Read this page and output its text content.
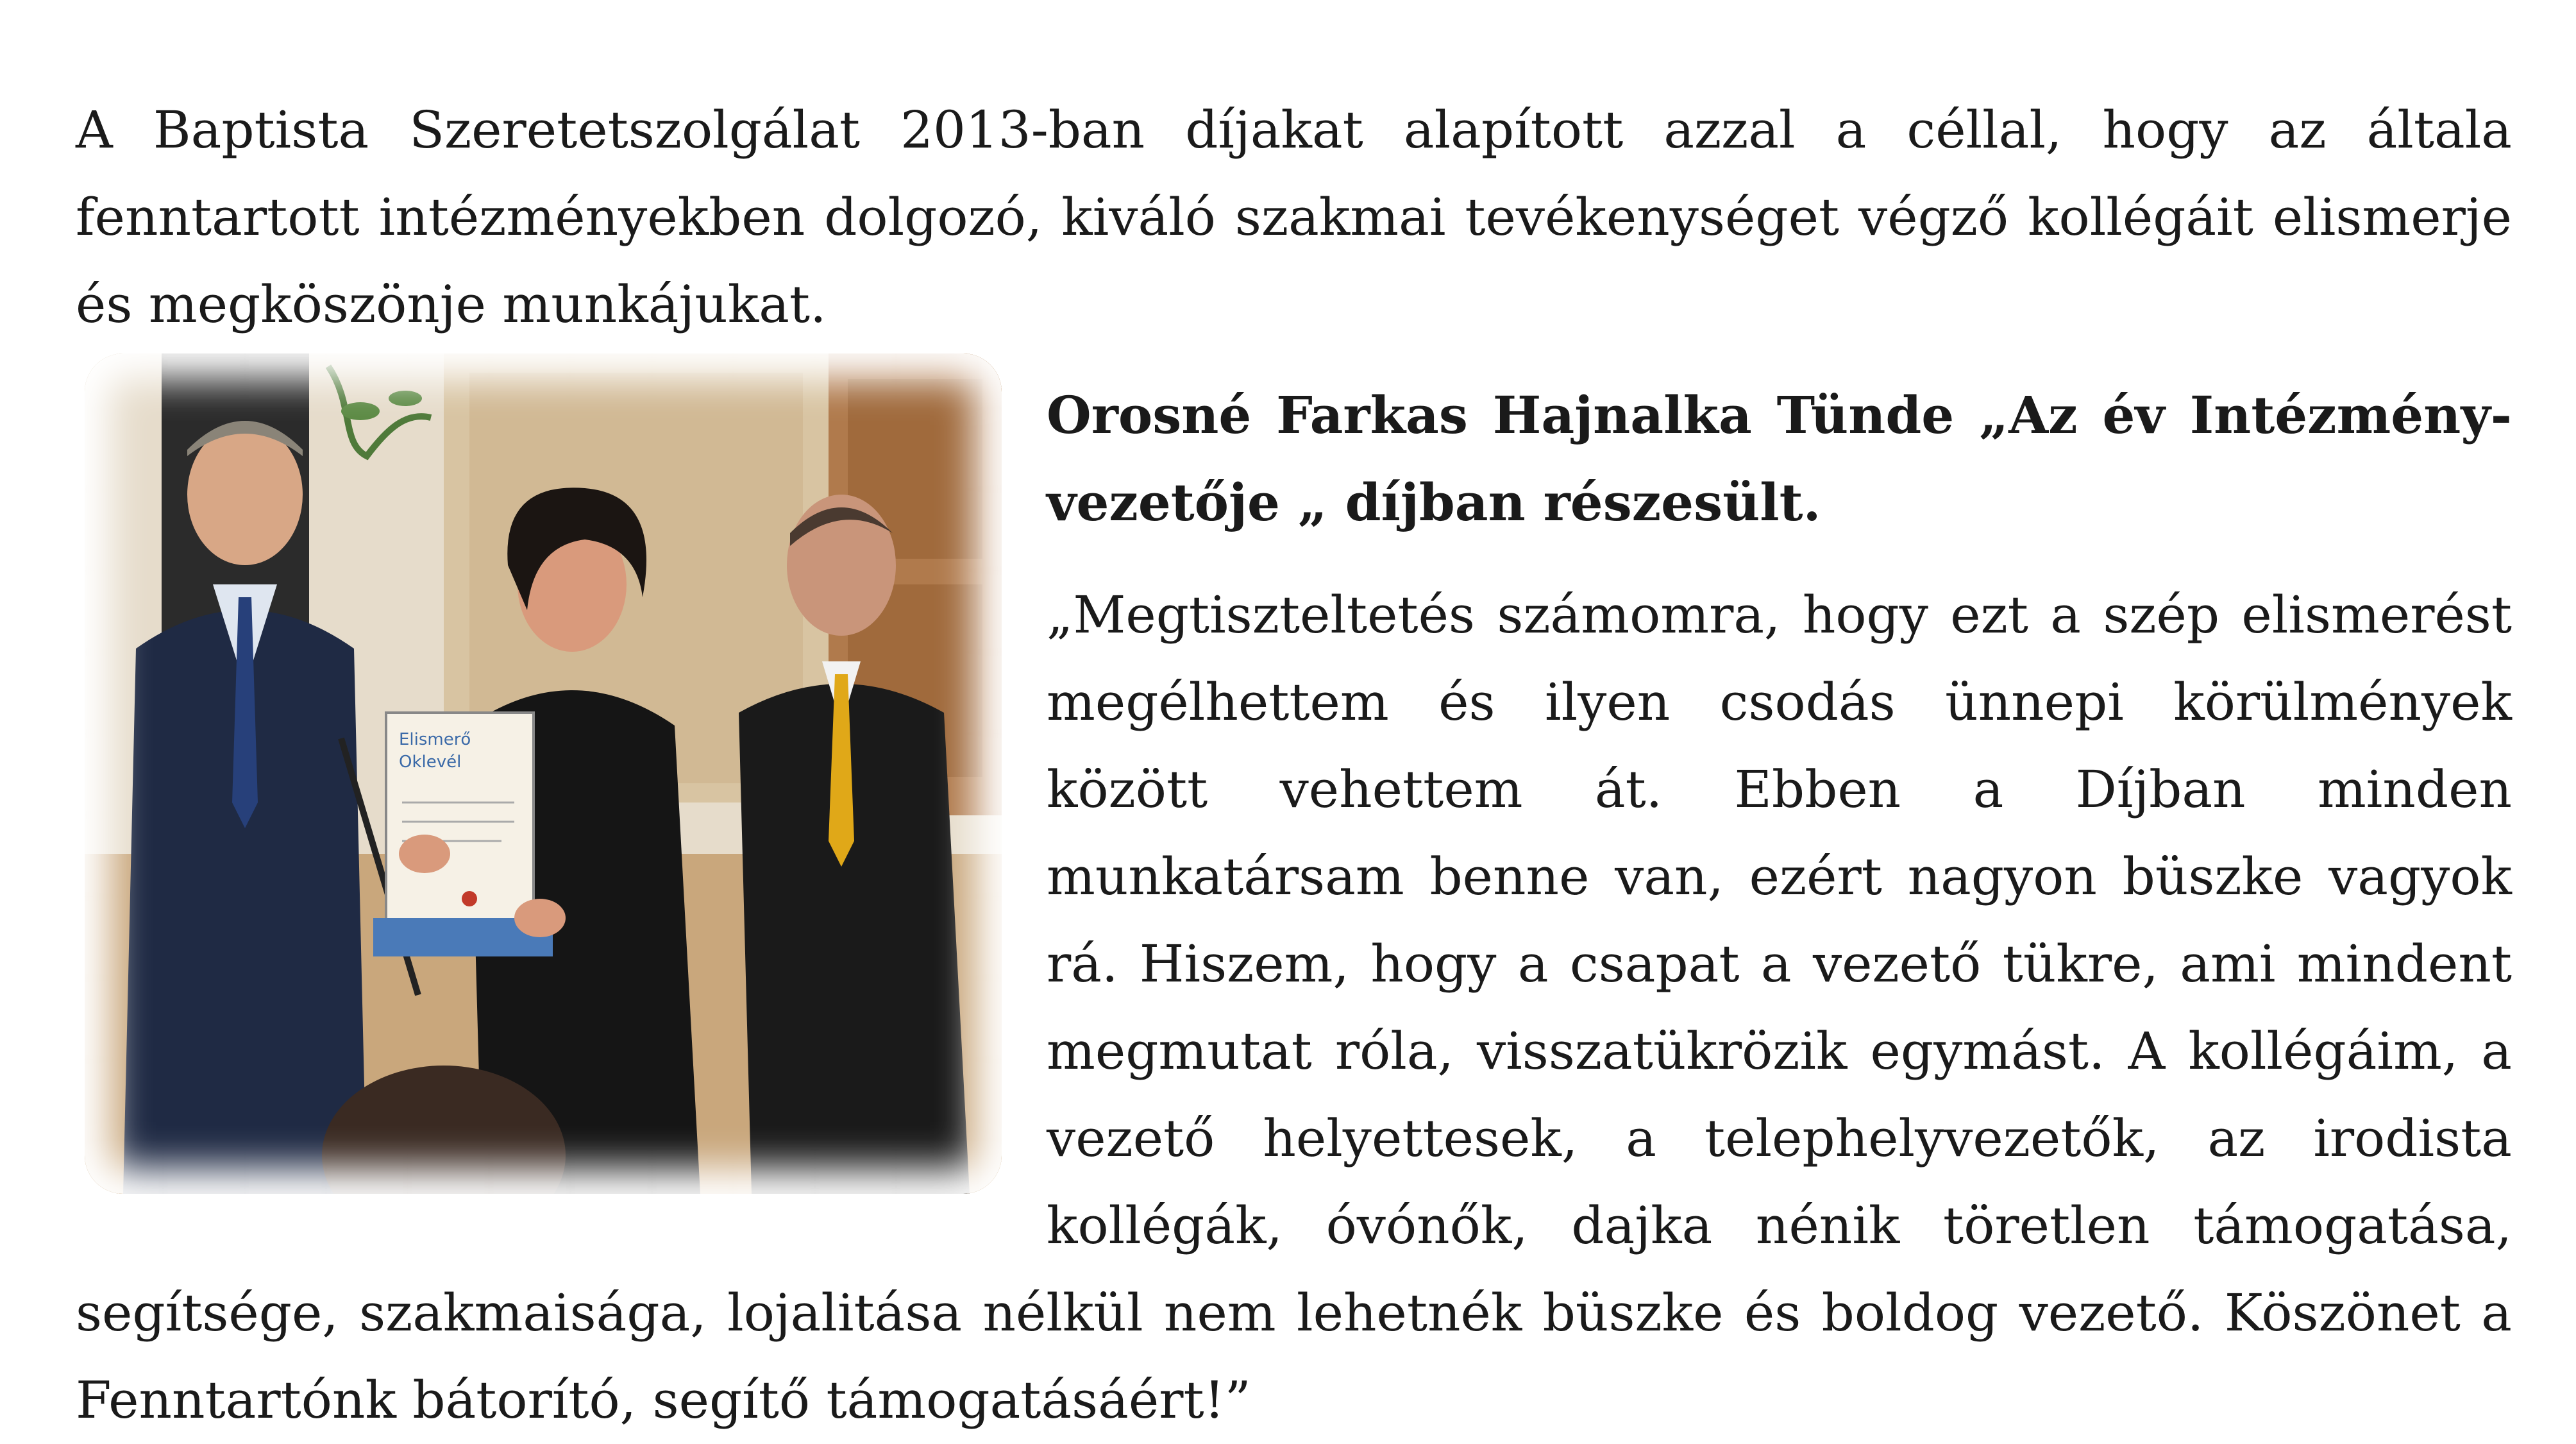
A Baptista Szeretetszolgálat 2013-ban díjakat alapított azzal a céllal, hogy az általa fenntartott intézményekben dolgozó, kiváló szakmai tevékenységet végző kollégáit elismerje és megköszönje munkájukat.

Elismerő
Oklevél

Orosné Farkas Hajnalka Tünde „Az év Intézmény-vezetője „ díjban részesült.

„Megtiszteltetés számomra, hogy ezt a szép elismerést megélhettem és ilyen csodás ünnepi körülmények között vehettem át. Ebben a Díjban minden munkatársam benne van, ezért nagyon büszke vagyok rá. Hiszem, hogy a csapat a vezető tükre, ami mindent megmutat róla, visszatükrözik egymást. A kollégáim, a vezető helyettesek, a telephelyvezetők, az irodista kollégák, óvónők, dajka nénik töretlen támogatása, segítsége, szakmaisága, lojalitása nélkül nem lehetnék büszke és boldog vezető. Köszönet a Fenntartónk bátorító, segítő támogatásáért!”
